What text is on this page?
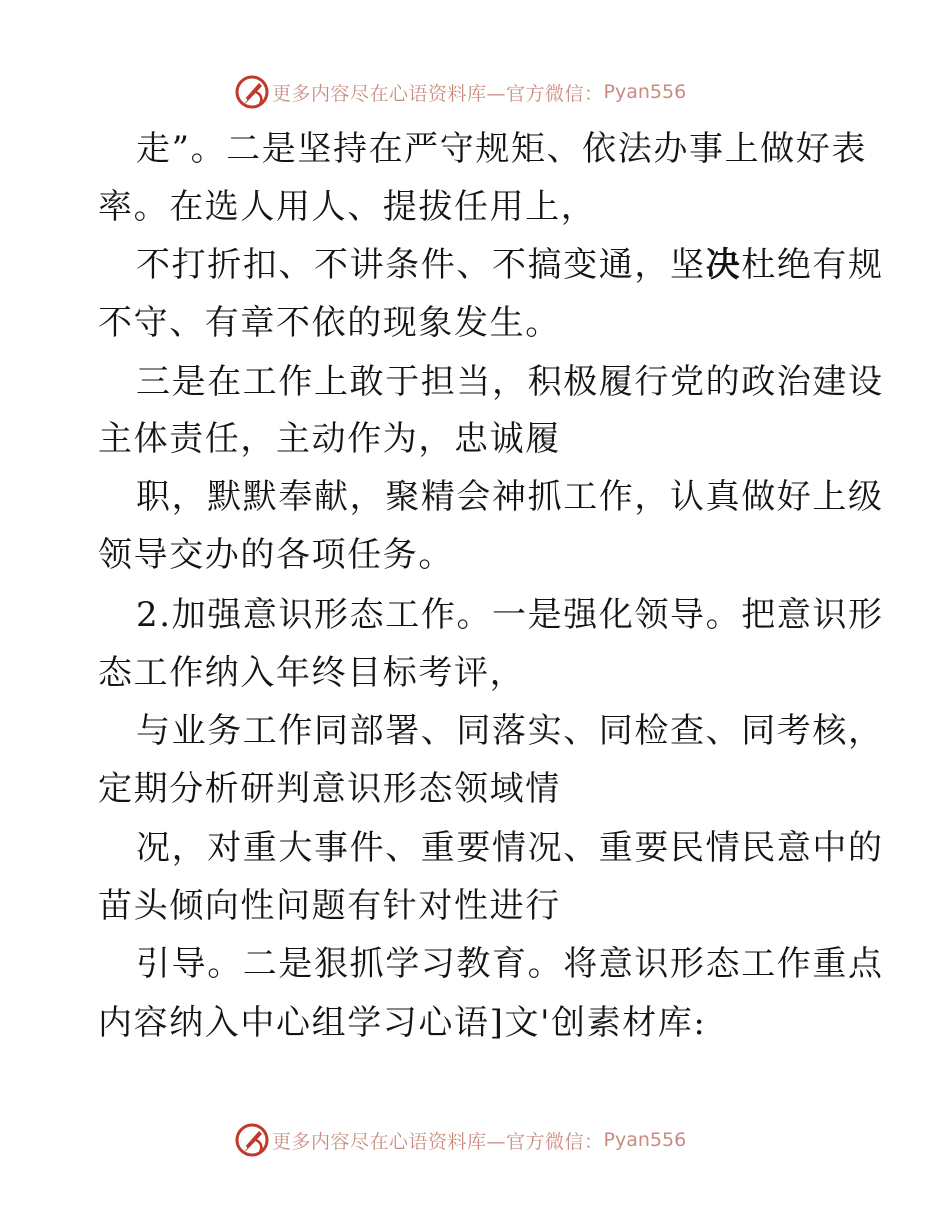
更多内容尽在心语资料库—官方微信： Pyan556
走”。二是坚持在严守规矩、依法办事上做好表
率。在选人用人、提拔任用上，
不打折扣、不讲条件、不搞变通，坚决杜绝有规
不守、有章不依的现象发生。
三是在工作上敢于担当，积极履行党的政治建设
主体责任，主动作为，忠诚履
职，默默奉献，聚精会神抓工作，认真做好上级
领导交办的各项任务。
2.加强意识形态工作。一是强化领导。把意识形
态工作纳入年终目标考评，
与业务工作同部署、同落实、同检查、同考核，
定期分析研判意识形态领域情
况，对重大事件、重要情况、重要民情民意中的
苗头倾向性问题有针对性进行
引导。二是狠抓学习教育。将意识形态工作重点
内容纳入中心组学习心语]文'创素材库:
更多内容尽在心语资料库—官方微信： Pyan556
